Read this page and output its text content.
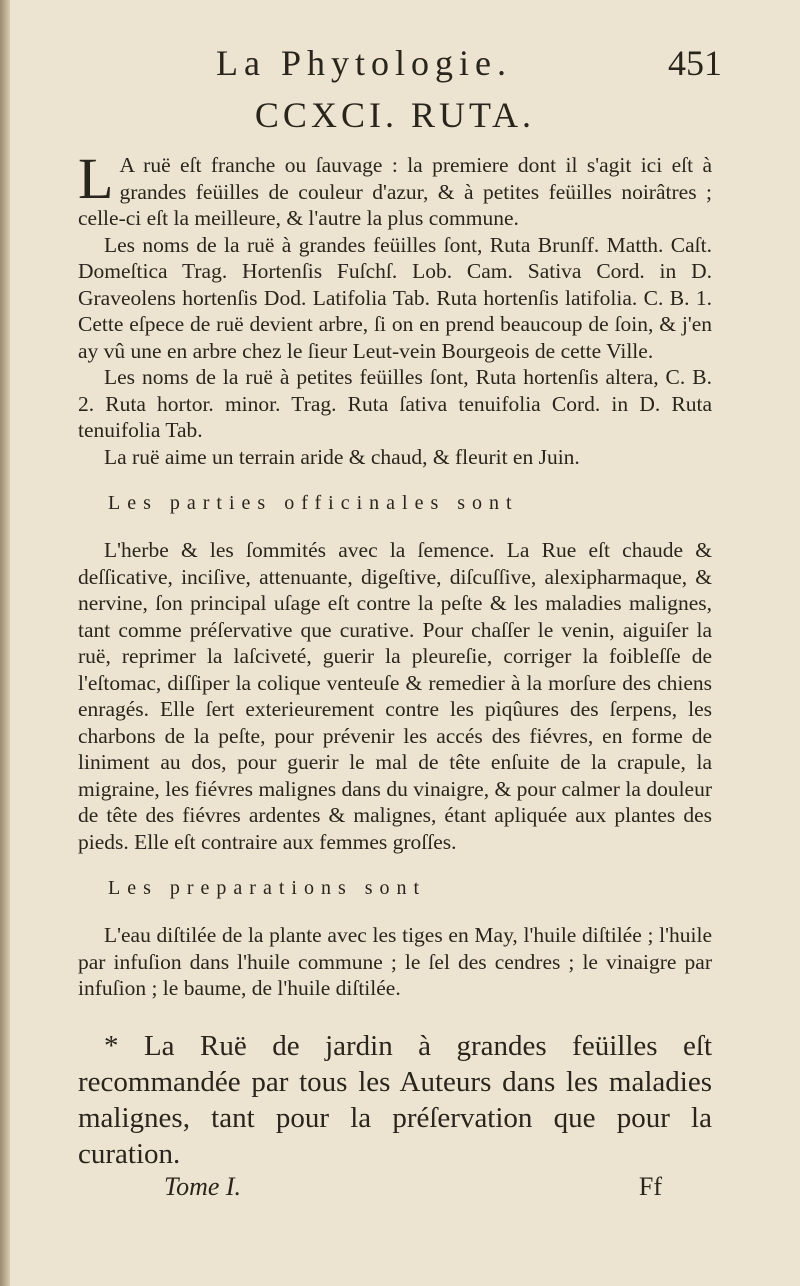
La Phytologie.	451
CCXCI. RUTA.

L A ruë eſt franche ou ſauvage : la premiere dont il s'agit ici eſt à grandes feüilles de couleur d'azur, & à petites feüilles noirâtres ; celle-ci eſt la meilleure, & l'autre la plus commune.

Les noms de la ruë à grandes feüilles ſont, Ruta Brunſf. Matth. Caſt. Domeſtica Trag. Hortenſis Fuſchſ. Lob. Cam. Sativa Cord. in D. Graveolens hortenſis Dod. Latifolia Tab. Ruta hortenſis latifolia. C. B. 1. Cette eſpece de ruë devient arbre, ſi on en prend beaucoup de ſoin, & j'en ay vû une en arbre chez le ſieur Leut-vein Bourgeois de cette Ville.

Les noms de la ruë à petites feüilles ſont, Ruta hortenſis altera, C. B. 2. Ruta hortor. minor. Trag. Ruta ſativa tenuifolia Cord. in D. Ruta tenuifolia Tab.

La ruë aime un terrain aride & chaud, & fleurit en Juin.

Les parties officinales sont

L'herbe & les ſommités avec la ſemence. La Rue eſt chaude & deſſicative, inciſive, attenuante, digeſtive, diſcuſſive, alexipharmaque, & nervine, ſon principal uſage eſt contre la peſte & les maladies malignes, tant comme préſervative que curative. Pour chaſſer le venin, aiguiſer la ruë, reprimer la laſciveté, guerir la pleureſie, corriger la foibleſſe de l'eſtomac, diſſiper la colique venteuſe & remedier à la morſure des chiens enragés. Elle ſert exterieurement contre les piqûures des ſerpens, les charbons de la peſte, pour prévenir les accés des fiévres, en forme de liniment au dos, pour guerir le mal de tête enſuite de la crapule, la migraine, les fiévres malignes dans du vinaigre, & pour calmer la douleur de tête des fiévres ardentes & malignes, étant apliquée aux plantes des pieds. Elle eſt contraire aux femmes groſſes.

Les preparations sont

L'eau diſtilée de la plante avec les tiges en May, l'huile diſtilée ; l'huile par infuſion dans l'huile commune ; le ſel des cendres ; le vinaigre par infuſion ; le baume, de l'huile diſtilée.

* La Ruë de jardin à grandes feüilles eſt recommandée par tous les Auteurs dans les maladies malignes, tant pour la préſervation que pour la curation.

Tome I.	Ff
